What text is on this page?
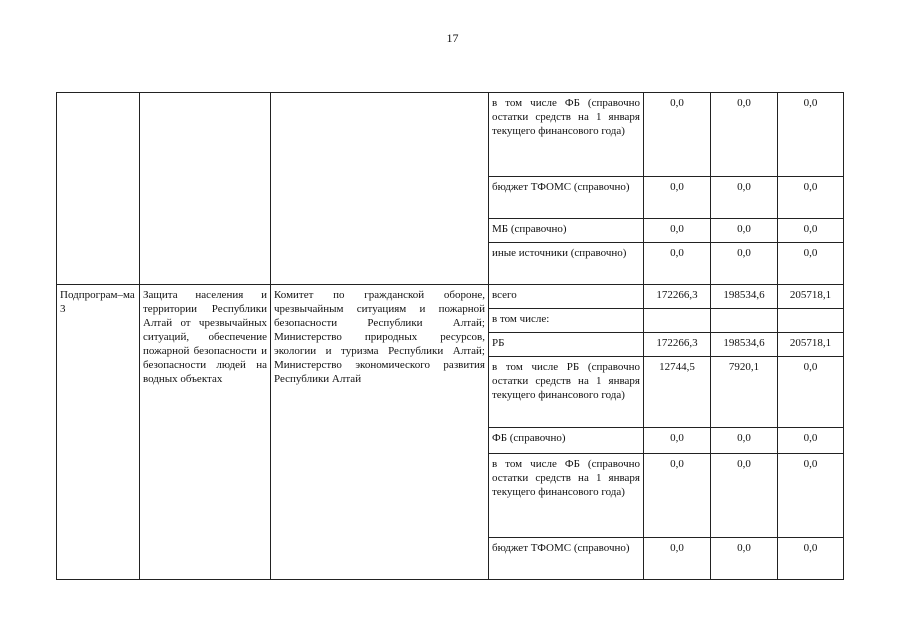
17
			в том числе ФБ (справочно остатки средств на 1 января текущего финансового года)	0,0	0,0	0,0
			бюджет ТФОМС (справочно)	0,0	0,0	0,0
			МБ (справочно)	0,0	0,0	0,0
			иные источники (справочно)	0,0	0,0	0,0
Подпрограм–ма 3	Защита населения и территории Республики Алтай от чрезвычайных ситуаций, обеспечение пожарной безопасности и безопасности людей на водных объектах	Комитет по гражданской обороне, чрезвычайным ситуациям и пожарной безопасности Республики Алтай; Министерство природных ресурсов, экологии и туризма Республики Алтай; Министерство экономического развития Республики Алтай	всего	172266,3	198534,6	205718,1
			в том числе:			
			РБ	172266,3	198534,6	205718,1
			в том числе РБ (справочно остатки средств на 1 января текущего финансового года)	12744,5	7920,1	0,0
			ФБ (справочно)	0,0	0,0	0,0
			в том числе ФБ (справочно остатки средств на 1 января текущего финансового года)	0,0	0,0	0,0
			бюджет ТФОМС (справочно)	0,0	0,0	0,0
